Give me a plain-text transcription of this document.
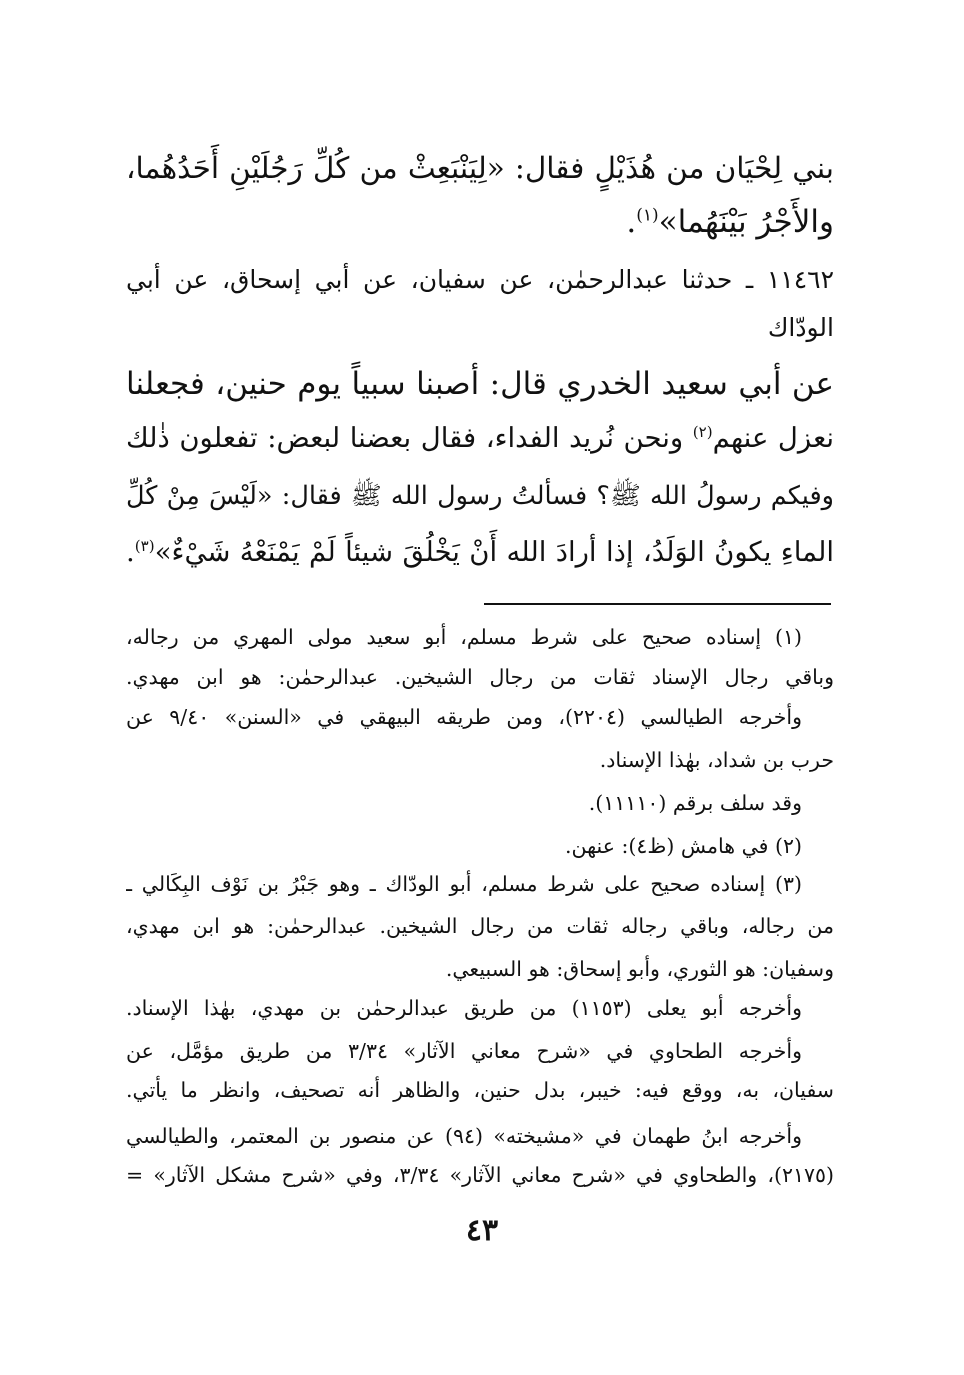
بني لِحْيَان من هُذَيْلٍ فقال: «لِيَنْبَعِثْ من كُلِّ رَجُلَيْنِ أَحَدُهُما،
والأَجْرُ بَيْنَهُما»$^{(١)}$.
١١٤٦٢ ـ حدثنا عبدالرحمٰن، عن سفيان، عن أبي إسحاق، عن أبي
الودّاك
عن أبي سعيد الخدري قال: أصبنا سبياً يوم حنين، فجعلنا
نعزل عنهم$^{(٢)}$ ونحن نُريد الفداء، فقال بعضنا لبعض: تفعلون ذٰلك
وفيكم رسولُ الله ﷺ؟ فسألتُ رسول الله ﷺ فقال: «لَيْسَ مِنْ كُلِّ
الماءِ يكونُ الوَلَدُ، إذا أرادَ الله أَنْ يَخْلُقَ شيئاً لَمْ يَمْنَعْهُ شَيْءٌ»$^{(٣)}$.
(١) إسناده صحيح على شرط مسلم، أبو سعيد مولى المهري من رجاله،
وباقي رجال الإسناد ثقات من رجال الشيخين. عبدالرحمٰن: هو ابن مهدي.
وأخرجه الطيالسي (٢٢٠٤)، ومن طريقه البيهقي في «السنن» ٩/٤٠ عن
حرب بن شداد، بهٰذا الإسناد.
وقد سلف برقم (١١١١٠).
(٢) في هامش (ظ٤): عنهن.
(٣) إسناده صحيح على شرط مسلم، أبو الودّاك ـ وهو جَبْرُ بن نَوْف البِكَالي ـ
من رجاله، وباقي رجاله ثقات من رجال الشيخين. عبدالرحمٰن: هو ابن مهدي،
وسفيان: هو الثوري، وأبو إسحاق: هو السبيعي.
وأخرجه أبو يعلى (١١٥٣) من طريق عبدالرحمٰن بن مهدي، بهٰذا الإسناد.
وأخرجه الطحاوي في «شرح معاني الآثار» ٣/٣٤ من طريق مؤمَّل، عن
سفيان، به، ووقع فيه: خيبر، بدل حنين، والظاهر أنه تصحيف، وانظر ما يأتي.
وأخرجه ابنُ طهمان في «مشيخته» (٩٤) عن منصور بن المعتمر، والطيالسي
(٢١٧٥)، والطحاوي في «شرح معاني الآثار» ٣/٣٤، وفي «شرح مشكل الآثار» =
٤٣
